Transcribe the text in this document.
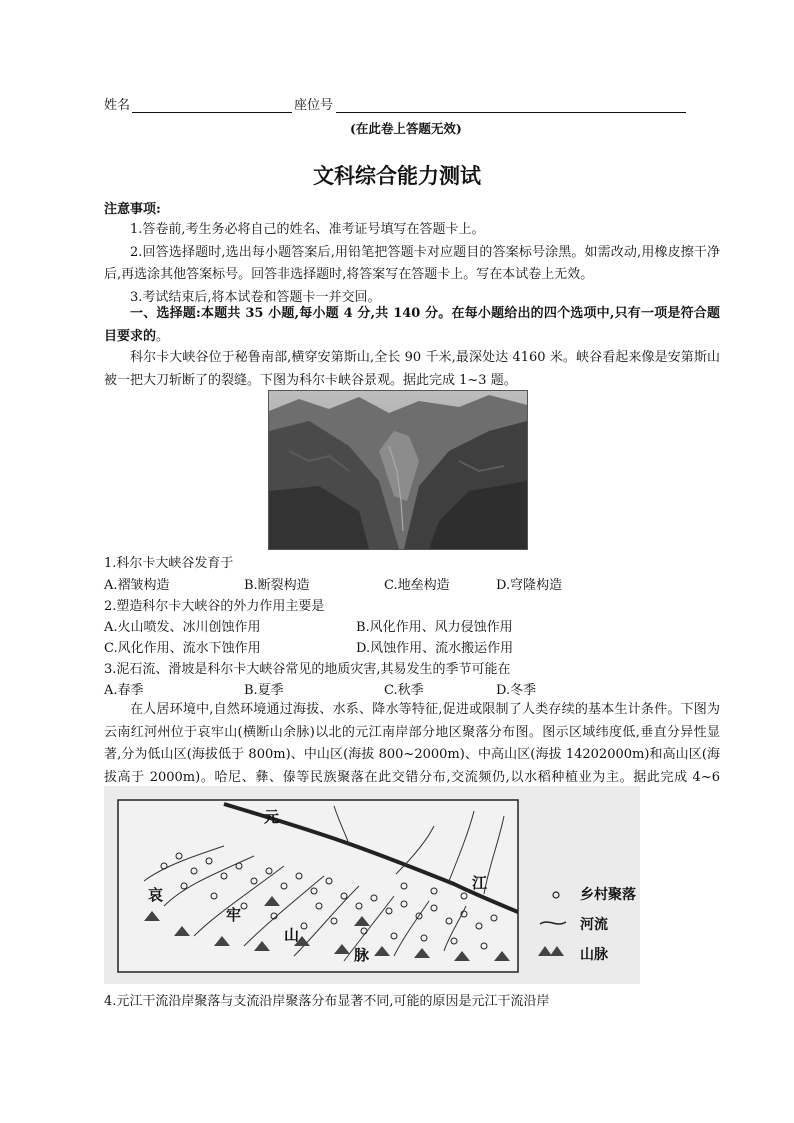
姓名	座位号
(在此卷上答题无效)
文科综合能力测试
注意事项:
1.答卷前,考生务必将自己的姓名、准考证号填写在答题卡上。
2.回答选择题时,选出每小题答案后,用铅笔把答题卡对应题目的答案标号涂黑。如需改动,用橡皮擦干净后,再选涂其他答案标号。回答非选择题时,将答案写在答题卡上。写在本试卷上无效。
3.考试结束后,将本试卷和答题卡一并交回。
一、选择题:本题共 35 小题,每小题 4 分,共 140 分。在每小题给出的四个选项中,只有一项是符合题目要求的。
科尔卡大峡谷位于秘鲁南部,横穿安第斯山,全长 90 千米,最深处达 4160 米。峡谷看起来像是安第斯山被一把大刀斩断了的裂缝。下图为科尔卡峡谷景观。据此完成 1~3 题。
1.科尔卡大峡谷发育于
A.褶皱构造	B.断裂构造	C.地垒构造	D.穹隆构造
2.塑造科尔卡大峡谷的外力作用主要是
A.火山喷发、冰川创蚀作用	B.风化作用、风力侵蚀作用
C.风化作用、流水下蚀作用	D.风蚀作用、流水搬运作用
3.泥石流、滑坡是科尔卡大峡谷常见的地质灾害,其易发生的季节可能在
A.春季	B.夏季	C.秋季	D.冬季
在人居环境中,自然环境通过海拔、水系、降水等特征,促进或限制了人类存续的基本生计条件。下图为云南红河州位于哀牢山(横断山余脉)以北的元江南岸部分地区聚落分布图。图示区域纬度低,垂直分异性显著,分为低山区(海拔低于 800m)、中山区(海拔 800~2000m)、中高山区(海拔 14202000m)和高山区(海拔高于 2000m)。哈尼、彝、傣等民族聚落在此交错分布,交流频仍,以水稻种植业为主。据此完成 4~6
元
江
哀
牢
山
脉
乡村聚落
河流
山脉
4.元江干流沿岸聚落与支流沿岸聚落分布显著不同,可能的原因是元江干流沿岸
